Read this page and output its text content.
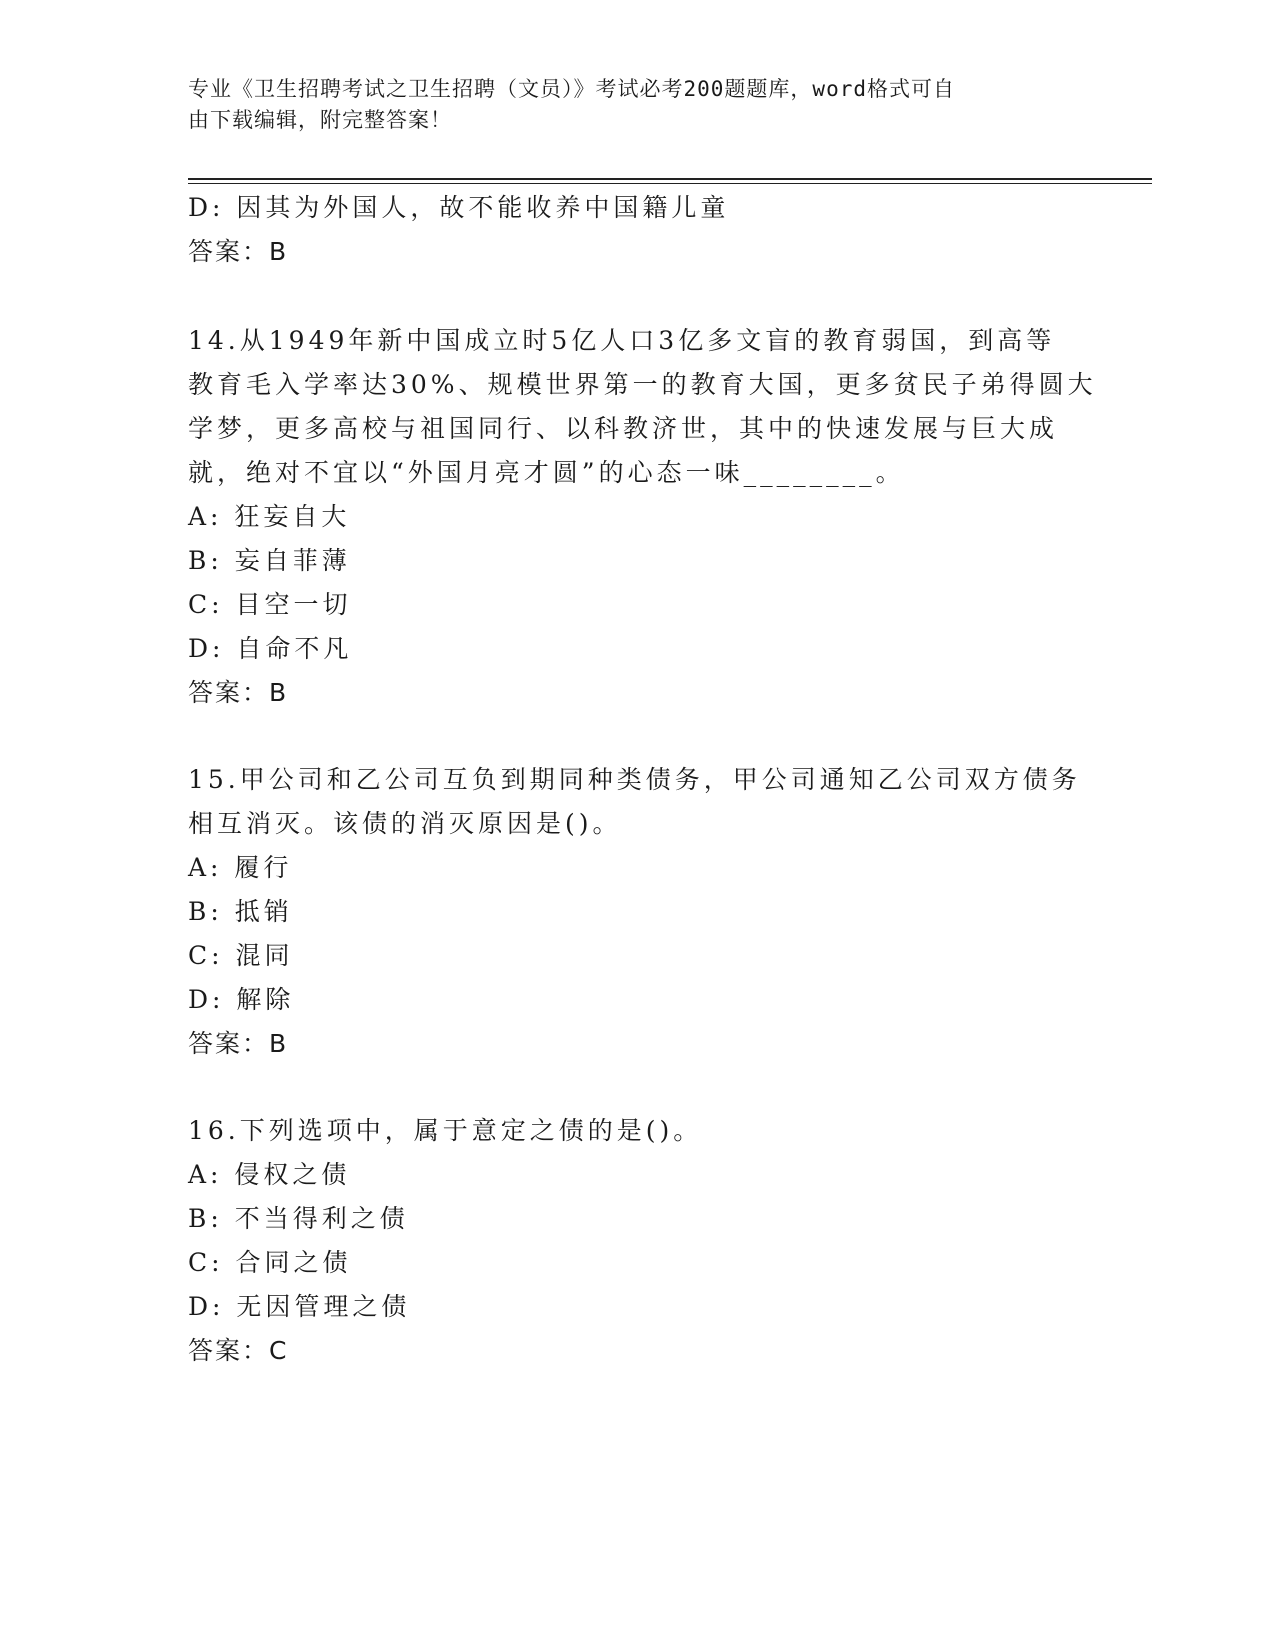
专业《卫生招聘考试之卫生招聘（文员）》考试必考200题题库，word格式可自
由下载编辑，附完整答案！
D: 因其为外国人，故不能收养中国籍儿童
答案：B
14.从1949年新中国成立时5亿人口3亿多文盲的教育弱国，到高等
教育毛入学率达30%、规模世界第一的教育大国，更多贫民子弟得圆大
学梦，更多高校与祖国同行、以科教济世，其中的快速发展与巨大成
就，绝对不宜以“外国月亮才圆”的心态一味________。
A: 狂妄自大
B: 妄自菲薄
C: 目空一切
D: 自命不凡
答案：B
15.甲公司和乙公司互负到期同种类债务，甲公司通知乙公司双方债务
相互消灭。该债的消灭原因是()。
A: 履行
B: 抵销
C: 混同
D: 解除
答案：B
16.下列选项中，属于意定之债的是()。
A: 侵权之债
B: 不当得利之债
C: 合同之债
D: 无因管理之债
答案：C
